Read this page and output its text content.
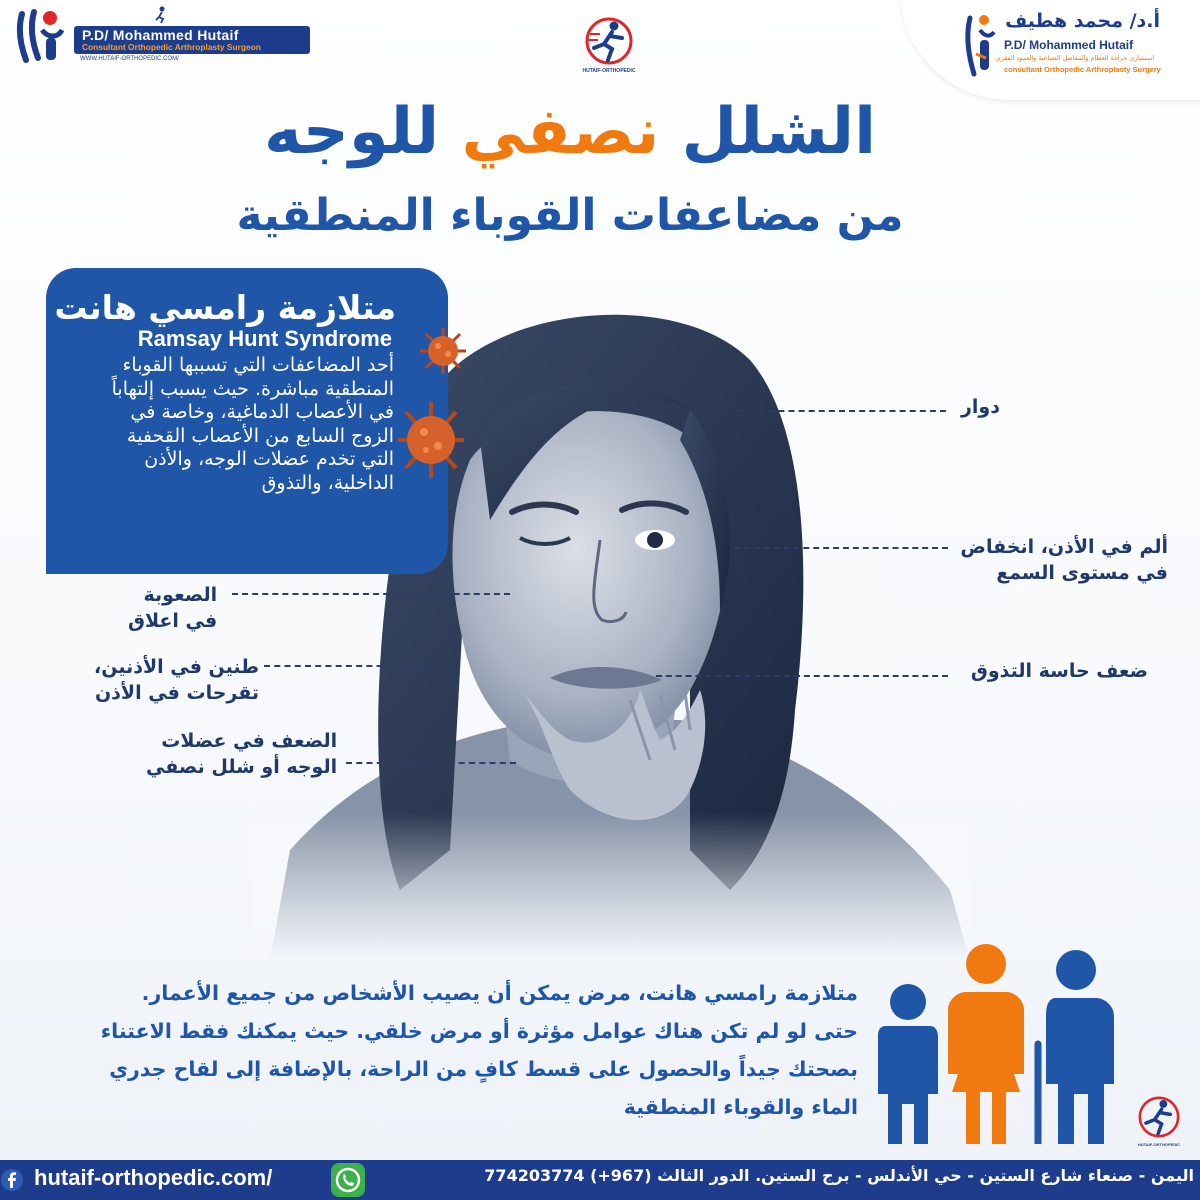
P.D/ Mohammed Hutaif
Consultant Orthopedic Arthroplasty Surgeon
WWW.HUTAIF-ORTHOPEDIC.COM/
HUTAIF-ORTHOPEDIC
أ.د/ محمد هطيف
P.D/ Mohammed Hutaif
استشاري جراحة العظام والمفاصل الصناعية والعمود الفقري
consultant Orthopedic Arthroplasty Surgery
الشلل نصفي للوجه
من مضاعفات القوباء المنطقية
متلازمة رامسي هانت
Ramsay Hunt Syndrome
أحد المضاعفات التي تسببها القوباء المنطقية مباشرة. حيث يسبب إلتهاباً في الأعصاب الدماغية، وخاصة في الزوج السابع من الأعصاب القحفية التي تخدم عضلات الوجه، والأذن الداخلية، والتذوق
دوار
ألم في الأذن، انخفاض
في مستوى السمع
ضعف حاسة التذوق
الصعوبة
في اعلاق
طنين في الأذنين،
تقرحات في الأذن
الضعف في عضلات
الوجه أو شلل نصفي
متلازمة رامسي هانت، مرض يمكن أن يصيب الأشخاص من جميع الأعمار.
حتى لو لم تكن هناك عوامل مؤثرة أو مرض خلقي. حيث يمكنك فقط الاعتناء
بصحتك جيداً والحصول على قسط كافٍ من الراحة، بالإضافة إلى لقاح جدري
الماء والقوباء المنطقية
HUTAIF-ORTHOPEDIC
hutaif-orthopedic.com/	اليمن - صنعاء شارع الستين - حي الأندلس - برج الستين. الدور الثالث (967+) 774203774
